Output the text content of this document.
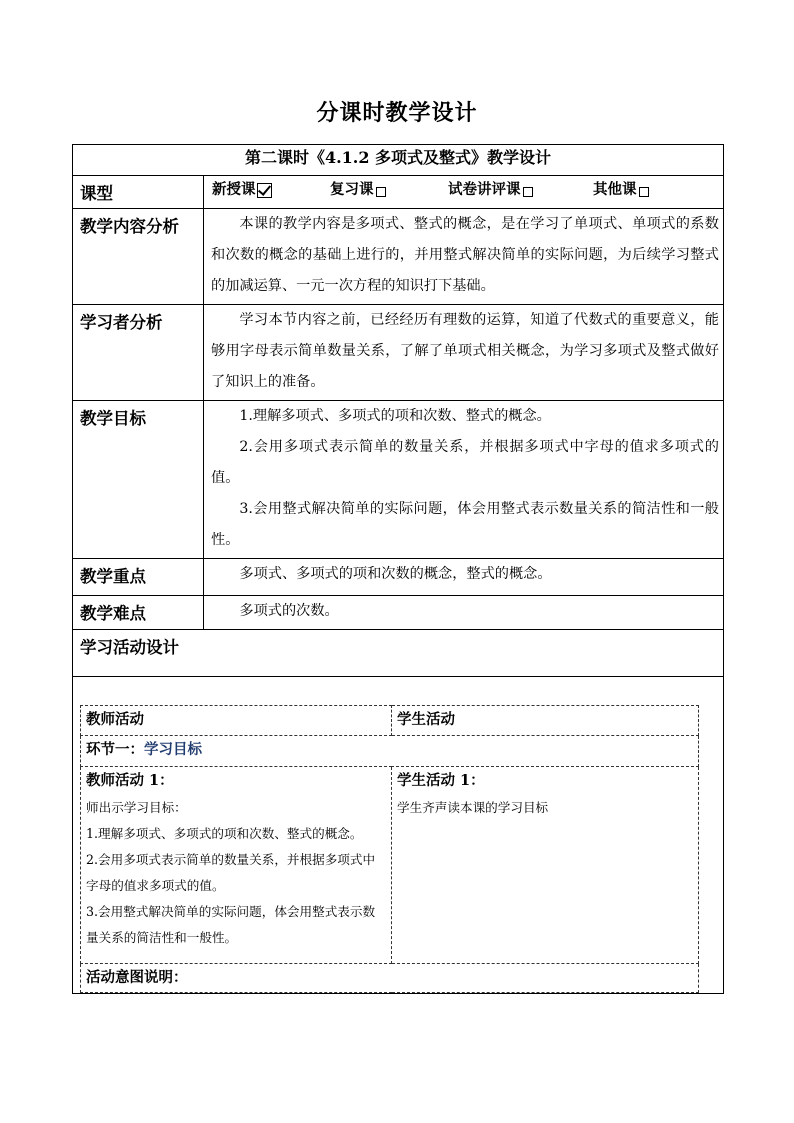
分课时教学设计
第二课时《4.1.2 多项式及整式》教学设计
课型	新授课	复习课	试卷讲评课	其他课

教学内容分析	本课的教学内容是多项式、整式的概念，是在学习了单项式、单项式的系数和次数的概念的基础上进行的，并用整式解决简单的实际问题，为后续学习整式的加减运算、一元一次方程的知识打下基础。
学习者分析	学习本节内容之前，已经经历有理数的运算，知道了代数式的重要意义，能够用字母表示简单数量关系，了解了单项式相关概念，为学习多项式及整式做好了知识上的准备。
教学目标	1.理解多项式、多项式的项和次数、整式的概念。
2.会用多项式表示简单的数量关系，并根据多项式中字母的值求多项式的值。
3.会用整式解决简单的实际问题，体会用整式表示数量关系的简洁性和一般性。

教学重点	多项式、多项式的项和次数的概念，整式的概念。
教学难点	多项式的次数。
学习活动设计

教师活动	学生活动
环节一：学习目标

教师活动 1：
师出示学习目标：
1.理解多项式、多项式的项和次数、整式的概念。
2.会用多项式表示简单的数量关系，并根据多项式中字母的值求多项式的值。
3.会用整式解决简单的实际问题，体会用整式表示数量关系的简洁性和一般性。

学生活动 1：
学生齐声读本课的学习目标

活动意图说明：
